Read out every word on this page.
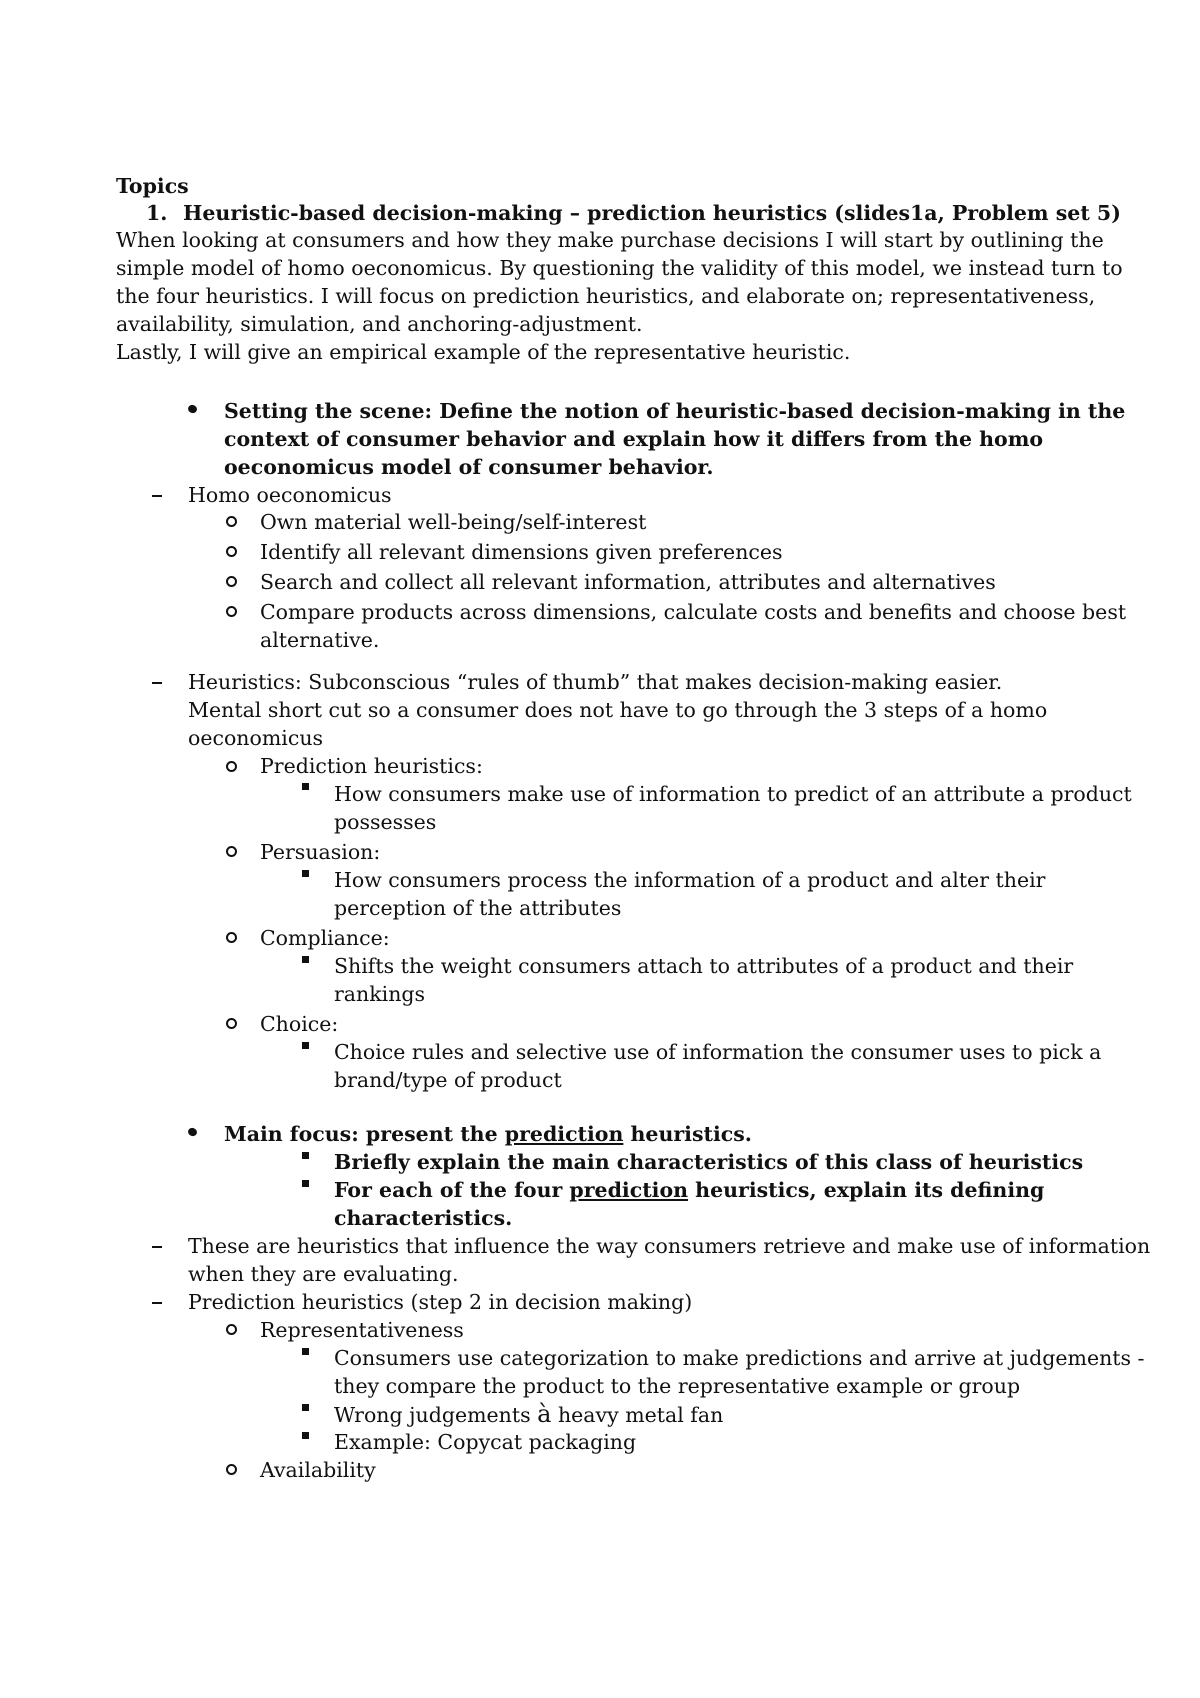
Topics

1. Heuristic-based decision-making – prediction heuristics (slides1a, Problem set 5)

When looking at consumers and how they make purchase decisions I will start by outlining the

simple model of homo oeconomicus. By questioning the validity of this model, we instead turn to

the four heuristics. I will focus on prediction heuristics, and elaborate on; representativeness,

availability, simulation, and anchoring-adjustment.

Lastly, I will give an empirical example of the representative heuristic.

Setting the scene: Define the notion of heuristic-based decision-making in the

context of consumer behavior and explain how it differs from the homo

oeconomicus model of consumer behavior.

Homo oeconomicus

Own material well-being/self-interest

Identify all relevant dimensions given preferences

Search and collect all relevant information, attributes and alternatives

Compare products across dimensions, calculate costs and benefits and choose best

alternative.

Heuristics: Subconscious “rules of thumb” that makes decision-making easier.

Mental short cut so a consumer does not have to go through the 3 steps of a homo

oeconomicus

Prediction heuristics:

How consumers make use of information to predict of an attribute a product

possesses

Persuasion:

How consumers process the information of a product and alter their

perception of the attributes

Compliance:

Shifts the weight consumers attach to attributes of a product and their

rankings

Choice:

Choice rules and selective use of information the consumer uses to pick a

brand/type of product

Main focus: present the prediction heuristics.

Briefly explain the main characteristics of this class of heuristics

For each of the four prediction heuristics, explain its defining

characteristics.

These are heuristics that influence the way consumers retrieve and make use of information

when they are evaluating.

Prediction heuristics (step 2 in decision making)

Representativeness

Consumers use categorization to make predictions and arrive at judgements -

they compare the product to the representative example or group

Wrong judgements à heavy metal fan

Example: Copycat packaging

Availability
